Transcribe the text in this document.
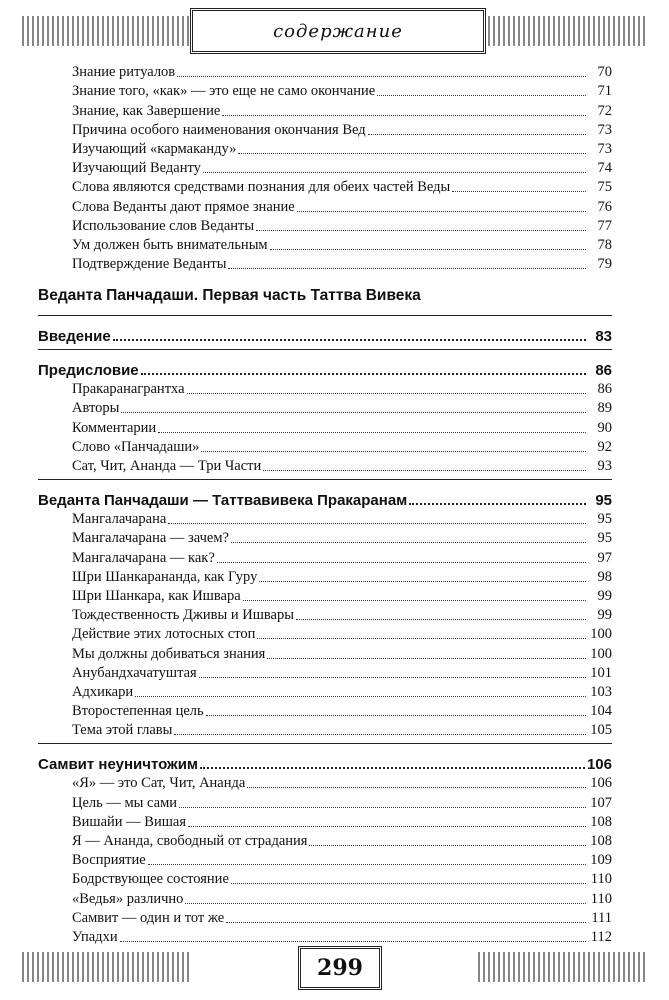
содержание
Знание ритуалов	70
Знание того, «как» — это еще не само окончание	71
Знание, как Завершение	72
Причина особого наименования окончания Вед	73
Изучающий «кармаканду»	73
Изучающий Веданту	74
Слова являются средствами познания для обеих частей Веды	75
Слова Веданты дают прямое знание	76
Использование слов Веданты	77
Ум должен быть внимательным	78
Подтверждение Веданты	79
Веданта Панчадаши. Первая часть Таттва Вивека
Введение	83
Предисловие	86
Пракаранагрантха	86
Авторы	89
Комментарии	90
Слово «Панчадаши»	92
Сат, Чит, Ананда — Три Части	93
Веданта Панчадаши — Таттвавивека Пракаранам	95
Мангалачарана	95
Мангалачарана — зачем?	95
Мангалачарана — как?	97
Шри Шанкарананда, как Гуру	98
Шри Шанкара, как Ишвара	99
Тождественность Дживы и Ишвары	99
Действие этих лотосных стоп	100
Мы должны добиваться знания	100
Анубандхачатуштая	101
Адхикари	103
Второстепенная цель	104
Тема этой главы	105
Самвит неуничтожим	106
«Я» — это Сат, Чит, Ананда	106
Цель — мы сами	107
Вишайи — Вишая	108
Я — Ананда, свободный от страдания	108
Восприятие	109
Бодрствующее состояние	110
«Ведья» различно	110
Самвит — один и тот же	111
Упадхи	112
299
